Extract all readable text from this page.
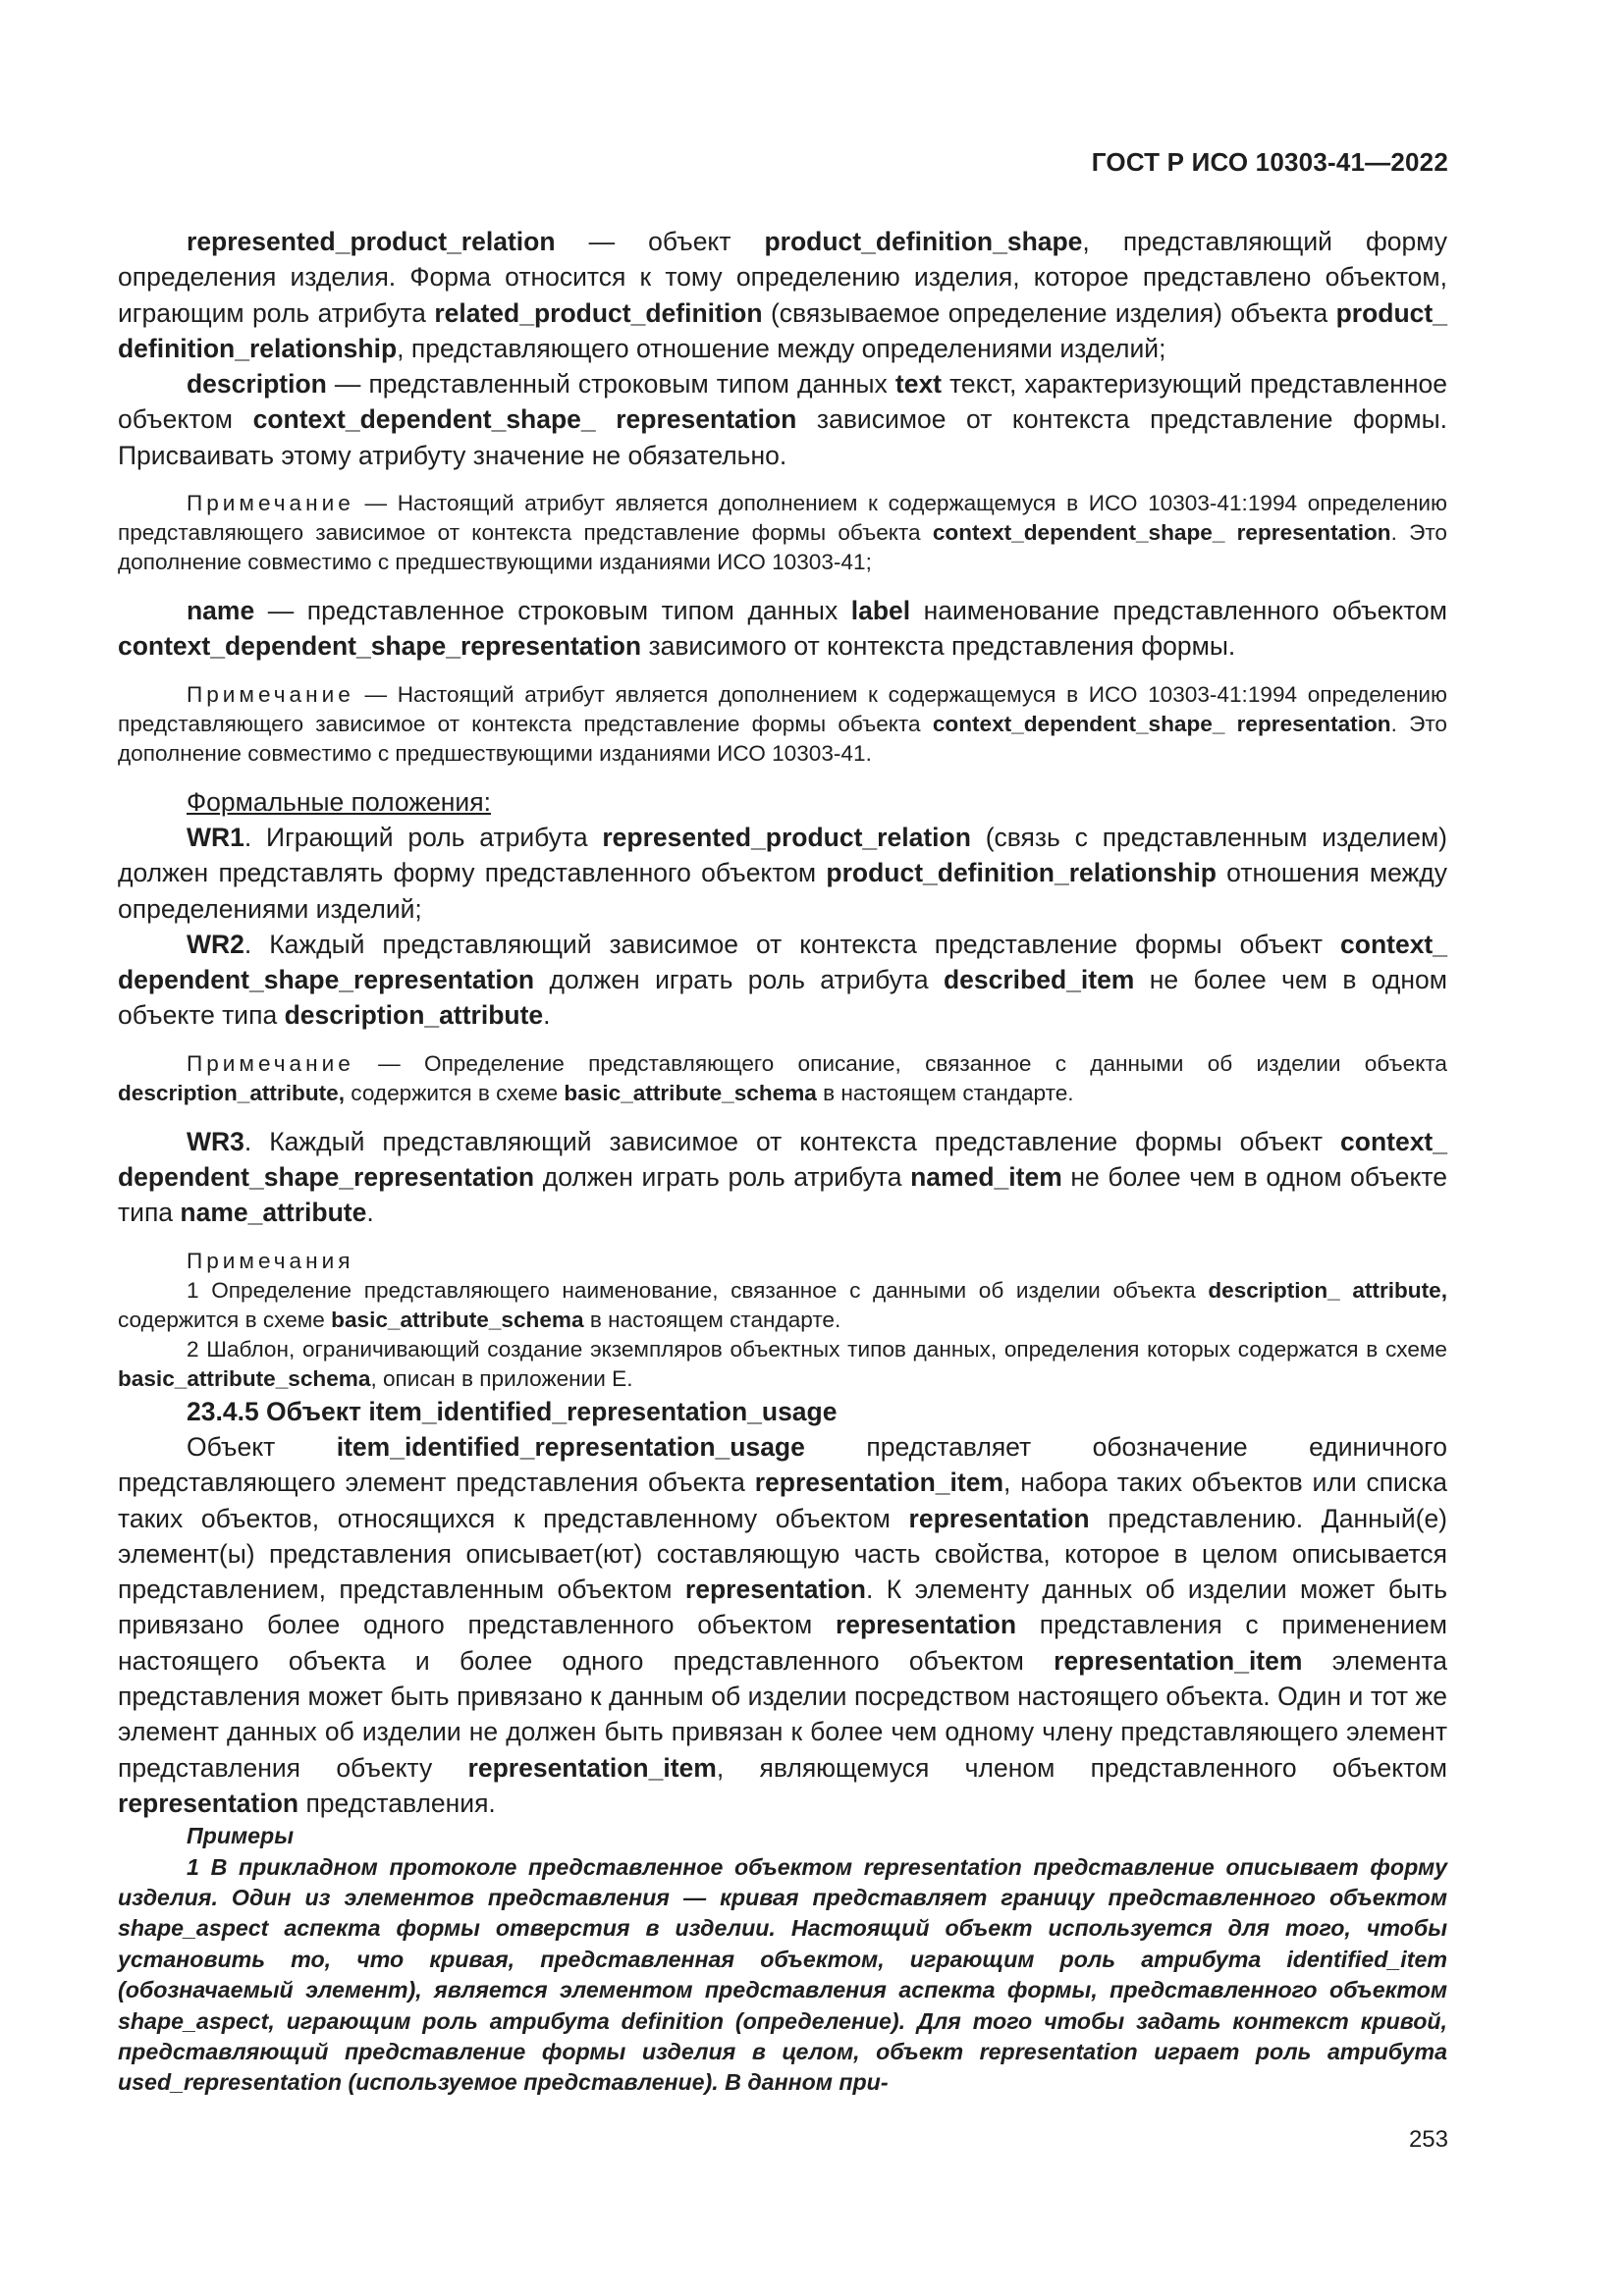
ГОСТ Р ИСО 10303-41—2022

represented_product_relation — объект product_definition_shape, представляющий форму определения изделия. Форма относится к тому определению изделия, которое представлено объектом, играющим роль атрибута related_product_definition (связываемое определение изделия) объекта product_ definition_relationship, представляющего отношение между определениями изделий;

description — представленный строковым типом данных text текст, характеризующий представленное объектом context_dependent_shape_ representation зависимое от контекста представление формы. Присваивать этому атрибуту значение не обязательно.

Примечание — Настоящий атрибут является дополнением к содержащемуся в ИСО 10303-41:1994 определению представляющего зависимое от контекста представление формы объекта context_dependent_shape_ representation. Это дополнение совместимо с предшествующими изданиями ИСО 10303-41;

name — представленное строковым типом данных label наименование представленного объектом context_dependent_shape_representation зависимого от контекста представления формы.

Примечание — Настоящий атрибут является дополнением к содержащемуся в ИСО 10303-41:1994 определению представляющего зависимое от контекста представление формы объекта context_dependent_shape_ representation. Это дополнение совместимо с предшествующими изданиями ИСО 10303-41.

Формальные положения:

WR1. Играющий роль атрибута represented_product_relation (связь с представленным изделием) должен представлять форму представленного объектом product_definition_relationship отношения между определениями изделий;

WR2. Каждый представляющий зависимое от контекста представление формы объект context_ dependent_shape_representation должен играть роль атрибута described_item не более чем в одном объекте типа description_attribute.

Примечание — Определение представляющего описание, связанное с данными об изделии объекта description_attribute, содержится в схеме basic_attribute_schema в настоящем стандарте.

WR3. Каждый представляющий зависимое от контекста представление формы объект context_ dependent_shape_representation должен играть роль атрибута named_item не более чем в одном объекте типа name_attribute.

Примечания

1 Определение представляющего наименование, связанное с данными об изделии объекта description_ attribute, содержится в схеме basic_attribute_schema в настоящем стандарте.

2 Шаблон, ограничивающий создание экземпляров объектных типов данных, определения которых содержатся в схеме basic_attribute_schema, описан в приложении Е.

23.4.5 Объект item_identified_representation_usage

Объект item_identified_representation_usage представляет обозначение единичного представляющего элемент представления объекта representation_item, набора таких объектов или списка таких объектов, относящихся к представленному объектом representation представлению. Данный(е) элемент(ы) представления описывает(ют) составляющую часть свойства, которое в целом описывается представлением, представленным объектом representation. К элементу данных об изделии может быть привязано более одного представленного объектом representation представления с применением настоящего объекта и более одного представленного объектом representation_item элемента представления может быть привязано к данным об изделии посредством настоящего объекта. Один и тот же элемент данных об изделии не должен быть привязан к более чем одному члену представляющего элемент представления объекту representation_item, являющемуся членом представленного объектом representation представления.

Примеры

1 В прикладном протоколе представленное объектом representation представление описывает форму изделия. Один из элементов представления — кривая представляет границу представленного объектом shape_aspect аспекта формы отверстия в изделии. Настоящий объект используется для того, чтобы установить то, что кривая, представленная объектом, играющим роль атрибута identified_item (обозначаемый элемент), является элементом представления аспекта формы, представленного объектом shape_aspect, играющим роль атрибута definition (определение). Для того чтобы задать контекст кривой, представляющий представление формы изделия в целом, объект representation играет роль атрибута used_representation (используемое представление). В данном при-

253
